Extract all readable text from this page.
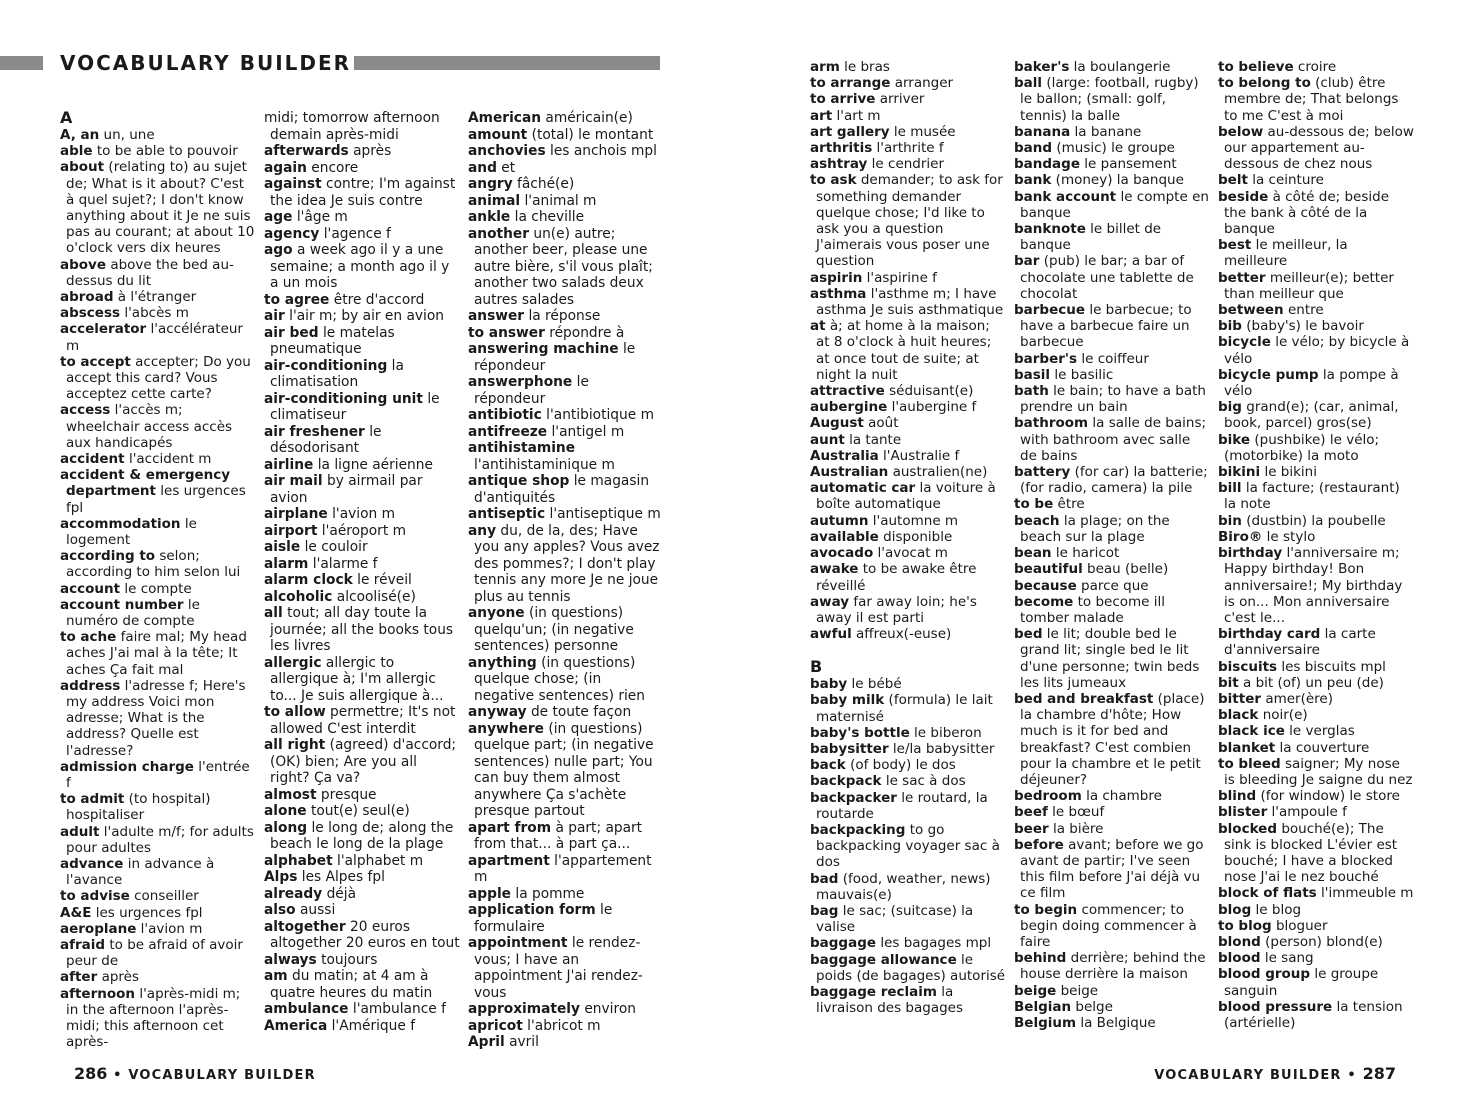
VOCABULARY BUILDER
A

A, an un, une

able to be able to pouvoir

about (relating to) au sujet de; What is it about? C'est à quel sujet?; I don't know anything about it Je ne suis pas au courant; at about 10 o'clock vers dix heures

above above the bed au-dessus du lit

abroad à l'étranger

abscess l'abcès m

accelerator l'accélérateur m

to accept accepter; Do you accept this card? Vous acceptez cette carte?

access l'accès m; wheelchair access accès aux handicapés

accident l'accident m

accident & emergency department les urgences fpl

accommodation le logement

according to selon; according to him selon lui

account le compte

account number le numéro de compte

to ache faire mal; My head aches J'ai mal à la tête; It aches Ça fait mal

address l'adresse f; Here's my address Voici mon adresse; What is the address? Quelle est l'adresse?

admission charge l'entrée f

to admit (to hospital) hospitaliser

adult l'adulte m/f; for adults pour adultes

advance in advance à l'avance

to advise conseiller

A&E les urgences fpl

aeroplane l'avion m

afraid to be afraid of avoir peur de

after après

afternoon l'après-midi m; in the afternoon l'après-midi; this afternoon cet après-

midi; tomorrow afternoon demain après-midi

afterwards après

again encore

against contre; I'm against the idea Je suis contre

age l'âge m

agency l'agence f

ago a week ago il y a une semaine; a month ago il y a un mois

to agree être d'accord

air l'air m; by air en avion

air bed le matelas pneumatique

air-conditioning la climatisation

air-conditioning unit le climatiseur

air freshener le désodorisant

airline la ligne aérienne

air mail by airmail par avion

airplane l'avion m

airport l'aéroport m

aisle le couloir

alarm l'alarme f

alarm clock le réveil

alcoholic alcoolisé(e)

all tout; all day toute la journée; all the books tous les livres

allergic allergic to allergique à; I'm allergic to... Je suis allergique à...

to allow permettre; It's not allowed C'est interdit

all right (agreed) d'accord; (OK) bien; Are you all right? Ça va?

almost presque

alone tout(e) seul(e)

along le long de; along the beach le long de la plage

alphabet l'alphabet m

Alps les Alpes fpl

already déjà

also aussi

altogether 20 euros altogether 20 euros en tout

always toujours

am du matin; at 4 am à quatre heures du matin

ambulance l'ambulance f

America l'Amérique f

American américain(e)

amount (total) le montant

anchovies les anchois mpl

and et

angry fâché(e)

animal l'animal m

ankle la cheville

another un(e) autre; another beer, please une autre bière, s'il vous plaît; another two salads deux autres salades

answer la réponse

to answer répondre à

answering machine le répondeur

answerphone le répondeur

antibiotic l'antibiotique m

antifreeze l'antigel m

antihistamine l'antihistaminique m

antique shop le magasin d'antiquités

antiseptic l'antiseptique m

any du, de la, des; Have you any apples? Vous avez des pommes?; I don't play tennis any more Je ne joue plus au tennis

anyone (in questions) quelqu'un; (in negative sentences) personne

anything (in questions) quelque chose; (in negative sentences) rien

anyway de toute façon

anywhere (in questions) quelque part; (in negative sentences) nulle part; You can buy them almost anywhere Ça s'achète presque partout

apart from à part; apart from that... à part ça...

apartment l'appartement m

apple la pomme

application form le formulaire

appointment le rendez-vous; I have an appointment J'ai rendez-vous

approximately environ

apricot l'abricot m

April avril

arm le bras

to arrange arranger

to arrive arriver

art l'art m

art gallery le musée

arthritis l'arthrite f

ashtray le cendrier

to ask demander; to ask for something demander quelque chose; I'd like to ask you a question J'aimerais vous poser une question

aspirin l'aspirine f

asthma l'asthme m; I have asthma Je suis asthmatique

at à; at home à la maison; at 8 o'clock à huit heures; at once tout de suite; at night la nuit

attractive séduisant(e)

aubergine l'aubergine f

August août

aunt la tante

Australia l'Australie f

Australian australien(ne)

automatic car la voiture à boîte automatique

autumn l'automne m

available disponible

avocado l'avocat m

awake to be awake être réveillé

away far away loin; he's away il est parti

awful affreux(-euse)

B

baby le bébé

baby milk (formula) le lait maternisé

baby's bottle le biberon

babysitter le/la babysitter

back (of body) le dos

backpack le sac à dos

backpacker le routard, la routarde

backpacking to go backpacking voyager sac à dos

bad (food, weather, news) mauvais(e)

bag le sac; (suitcase) la valise

baggage les bagages mpl

baggage allowance le poids (de bagages) autorisé

baggage reclaim la livraison des bagages

baker's la boulangerie

ball (large: football, rugby) le ballon; (small: golf, tennis) la balle

banana la banane

band (music) le groupe

bandage le pansement

bank (money) la banque

bank account le compte en banque

banknote le billet de banque

bar (pub) le bar; a bar of chocolate une tablette de chocolat

barbecue le barbecue; to have a barbecue faire un barbecue

barber's le coiffeur

basil le basilic

bath le bain; to have a bath prendre un bain

bathroom la salle de bains; with bathroom avec salle de bains

battery (for car) la batterie; (for radio, camera) la pile

to be être

beach la plage; on the beach sur la plage

bean le haricot

beautiful beau (belle)

because parce que

become to become ill tomber malade

bed le lit; double bed le grand lit; single bed le lit d'une personne; twin beds les lits jumeaux

bed and breakfast (place) la chambre d'hôte; How much is it for bed and breakfast? C'est combien pour la chambre et le petit déjeuner?

bedroom la chambre

beef le bœuf

beer la bière

before avant; before we go avant de partir; I've seen this film before J'ai déjà vu ce film

to begin commencer; to begin doing commencer à faire

behind derrière; behind the house derrière la maison

beige beige

Belgian belge

Belgium la Belgique

to believe croire

to belong to (club) être membre de; That belongs to me C'est à moi

below au-dessous de; below our appartement au-dessous de chez nous

belt la ceinture

beside à côté de; beside the bank à côté de la banque

best le meilleur, la meilleure

better meilleur(e); better than meilleur que

between entre

bib (baby's) le bavoir

bicycle le vélo; by bicycle à vélo

bicycle pump la pompe à vélo

big grand(e); (car, animal, book, parcel) gros(se)

bike (pushbike) le vélo; (motorbike) la moto

bikini le bikini

bill la facture; (restaurant) la note

bin (dustbin) la poubelle

Biro® le stylo

birthday l'anniversaire m; Happy birthday! Bon anniversaire!; My birthday is on... Mon anniversaire c'est le...

birthday card la carte d'anniversaire

biscuits les biscuits mpl

bit a bit (of) un peu (de)

bitter amer(ère)

black noir(e)

black ice le verglas

blanket la couverture

to bleed saigner; My nose is bleeding Je saigne du nez

blind (for window) le store

blister l'ampoule f

blocked bouché(e); The sink is blocked L'évier est bouché; I have a blocked nose J'ai le nez bouché

block of flats l'immeuble m

blog le blog

to blog bloguer

blond (person) blond(e)

blood le sang

blood group le groupe sanguin

blood pressure la tension (artérielle)

286 • VOCABULARY BUILDER	VOCABULARY BUILDER • 287
